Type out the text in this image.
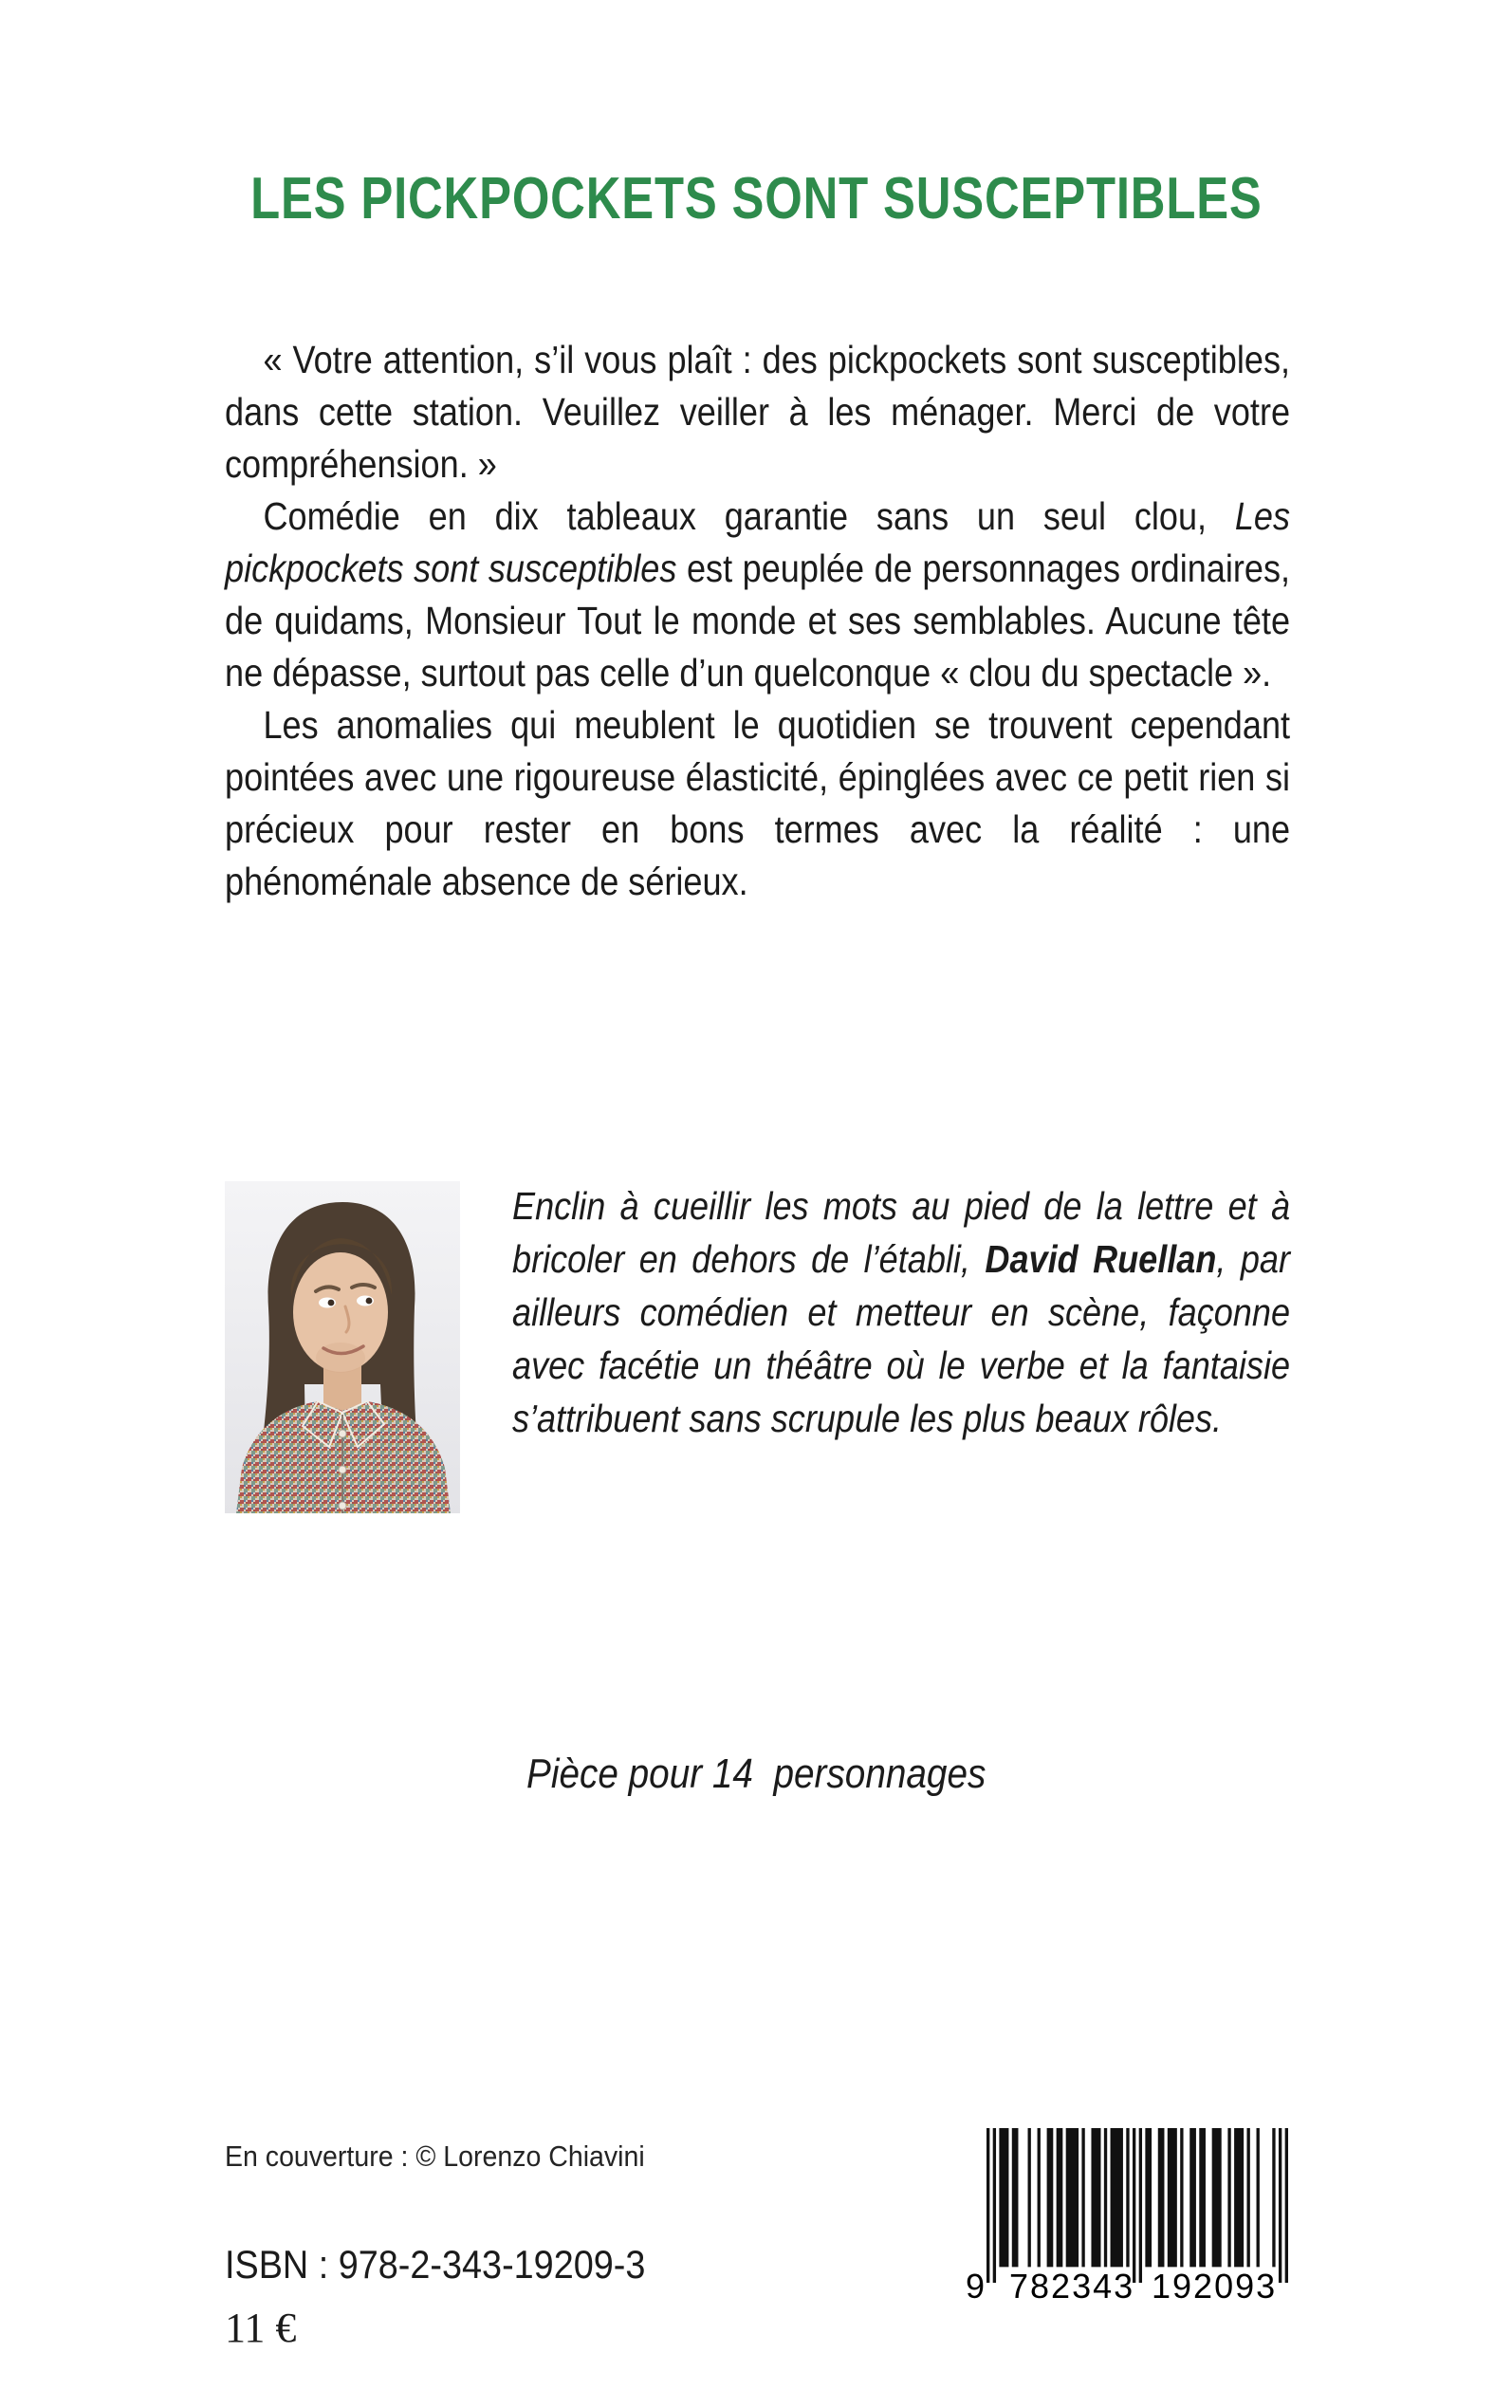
LES PICKPOCKETS SONT SUSCEPTIBLES

« Votre attention, s’il vous plaît : des pickpockets sont susceptibles, dans cette station. Veuillez veiller à les ménager. Merci de votre compréhension. »

Comédie en dix tableaux garantie sans un seul clou, Les pickpockets sont susceptibles est peuplée de personnages ordinaires, de quidams, Monsieur Tout le monde et ses semblables. Aucune tête ne dépasse, surtout pas celle d’un quelconque « clou du spectacle ».

Les anomalies qui meublent le quotidien se trouvent cependant pointées avec une rigoureuse élasticité, épinglées avec ce petit rien si précieux pour rester en bons termes avec la réalité : une phénoménale absence de sérieux.

Enclin à cueillir les mots au pied de la lettre et à bricoler en dehors de l’établi, David Ruellan, par ailleurs comédien et metteur en scène, façonne avec facétie un théâtre où le verbe et la fantaisie s’attribuent sans scrupule les plus beaux rôles.
Pièce pour 14  personnages
En couverture : © Lorenzo Chiavini
ISBN : 978-2-343-19209-3
11 €
9 782343 192093
